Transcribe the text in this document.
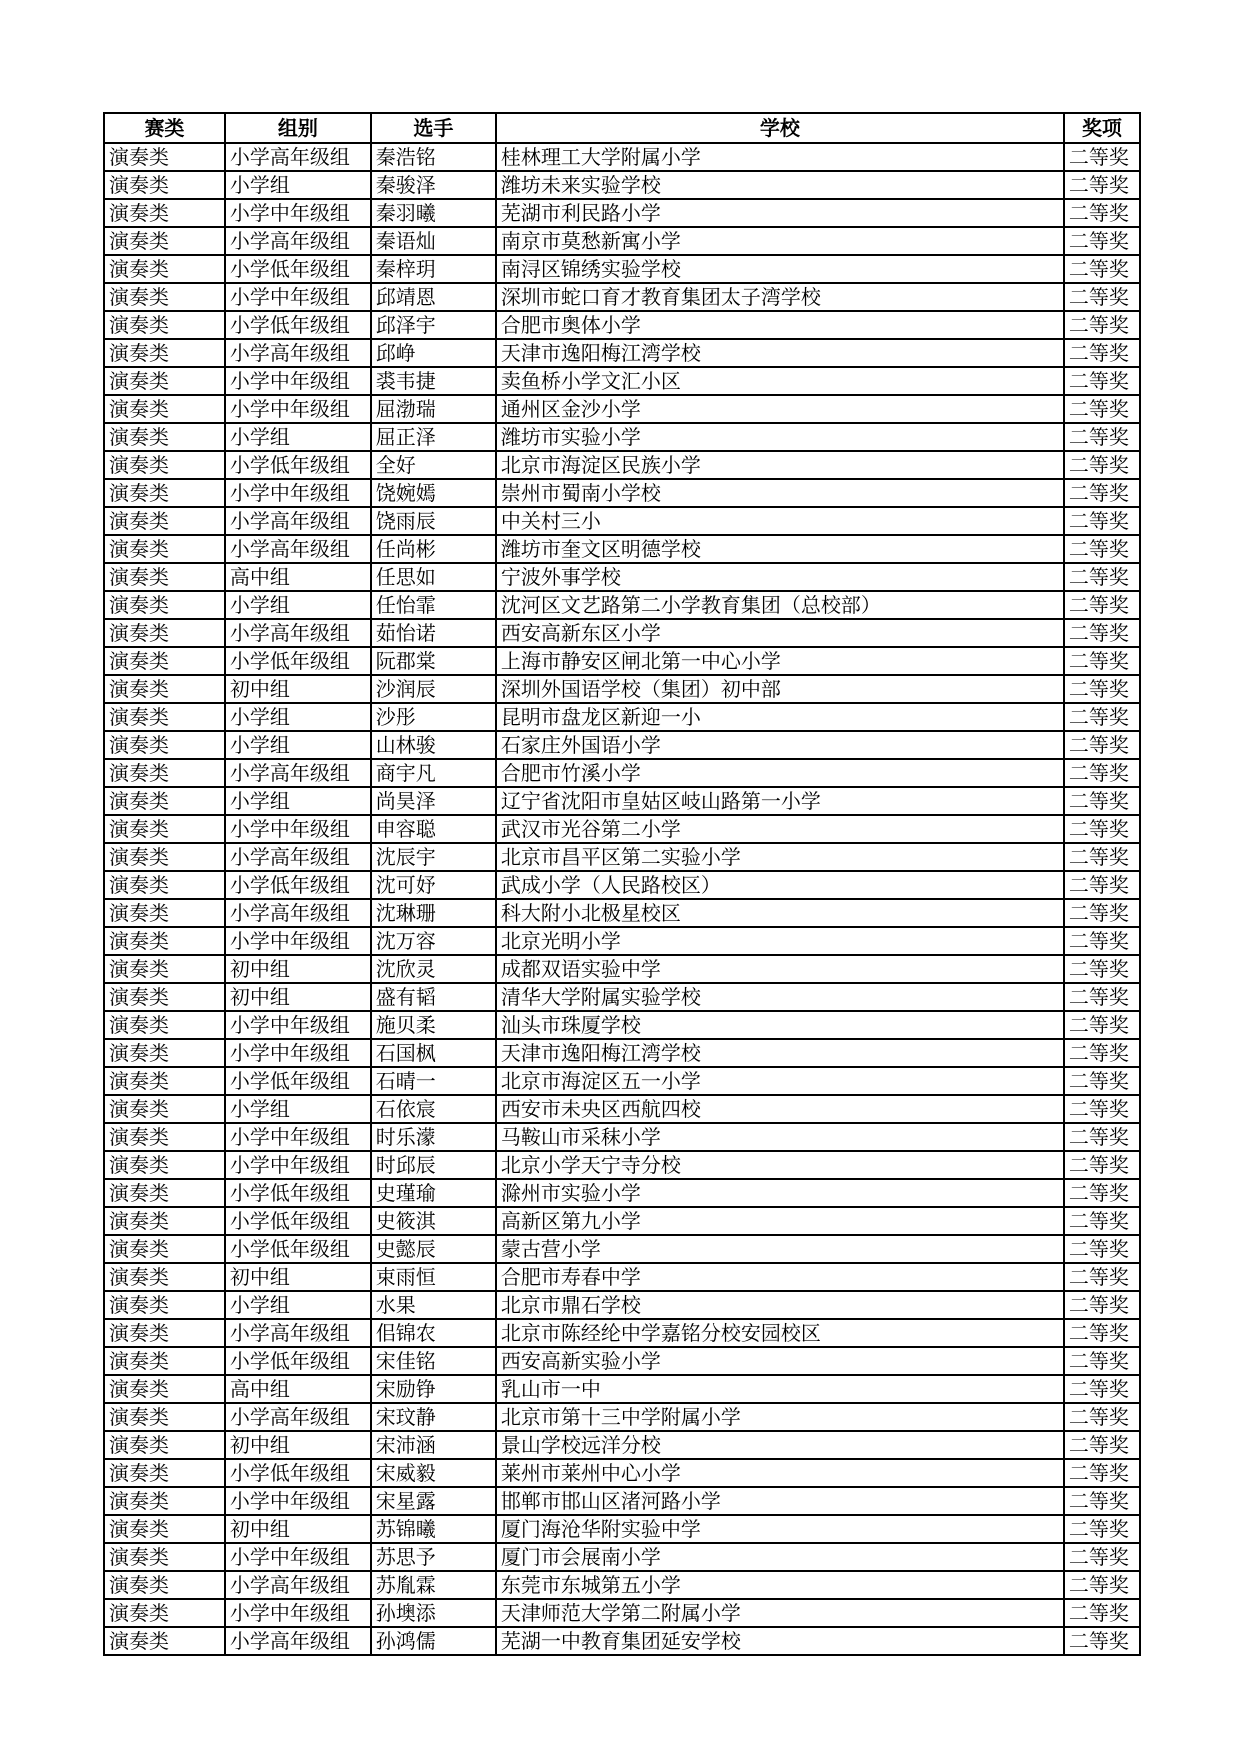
赛类	组别	选手	学校	奖项
演奏类	小学高年级组	秦浩铭	桂林理工大学附属小学	二等奖
演奏类	小学组	秦骏泽	潍坊未来实验学校	二等奖
演奏类	小学中年级组	秦羽曦	芜湖市利民路小学	二等奖
演奏类	小学高年级组	秦语灿	南京市莫愁新寓小学	二等奖
演奏类	小学低年级组	秦梓玥	南浔区锦绣实验学校	二等奖
演奏类	小学中年级组	邱靖恩	深圳市蛇口育才教育集团太子湾学校	二等奖
演奏类	小学低年级组	邱泽宇	合肥市奥体小学	二等奖
演奏类	小学高年级组	邱峥	天津市逸阳梅江湾学校	二等奖
演奏类	小学中年级组	裘韦捷	卖鱼桥小学文汇小区	二等奖
演奏类	小学中年级组	屈渤瑞	通州区金沙小学	二等奖
演奏类	小学组	屈正泽	潍坊市实验小学	二等奖
演奏类	小学低年级组	全好	北京市海淀区民族小学	二等奖
演奏类	小学中年级组	饶婉嫣	崇州市蜀南小学校	二等奖
演奏类	小学高年级组	饶雨辰	中关村三小	二等奖
演奏类	小学高年级组	任尚彬	潍坊市奎文区明德学校	二等奖
演奏类	高中组	任思如	宁波外事学校	二等奖
演奏类	小学组	任怡霏	沈河区文艺路第二小学教育集团（总校部）	二等奖
演奏类	小学高年级组	茹怡诺	西安高新东区小学	二等奖
演奏类	小学低年级组	阮郡棠	上海市静安区闸北第一中心小学	二等奖
演奏类	初中组	沙润辰	深圳外国语学校（集团）初中部	二等奖
演奏类	小学组	沙彤	昆明市盘龙区新迎一小	二等奖
演奏类	小学组	山林骏	石家庄外国语小学	二等奖
演奏类	小学高年级组	商宇凡	合肥市竹溪小学	二等奖
演奏类	小学组	尚昊泽	辽宁省沈阳市皇姑区岐山路第一小学	二等奖
演奏类	小学中年级组	申容聪	武汉市光谷第二小学	二等奖
演奏类	小学高年级组	沈辰宇	北京市昌平区第二实验小学	二等奖
演奏类	小学低年级组	沈可妤	武成小学（人民路校区）	二等奖
演奏类	小学高年级组	沈琳珊	科大附小北极星校区	二等奖
演奏类	小学中年级组	沈万容	北京光明小学	二等奖
演奏类	初中组	沈欣灵	成都双语实验中学	二等奖
演奏类	初中组	盛有韬	清华大学附属实验学校	二等奖
演奏类	小学中年级组	施贝柔	汕头市珠厦学校	二等奖
演奏类	小学中年级组	石国枫	天津市逸阳梅江湾学校	二等奖
演奏类	小学低年级组	石晴一	北京市海淀区五一小学	二等奖
演奏类	小学组	石依宸	西安市未央区西航四校	二等奖
演奏类	小学中年级组	时乐濛	马鞍山市采秣小学	二等奖
演奏类	小学中年级组	时邱辰	北京小学天宁寺分校	二等奖
演奏类	小学低年级组	史瑾瑜	滁州市实验小学	二等奖
演奏类	小学低年级组	史筱淇	高新区第九小学	二等奖
演奏类	小学低年级组	史懿辰	蒙古营小学	二等奖
演奏类	初中组	束雨恒	合肥市寿春中学	二等奖
演奏类	小学组	水果	北京市鼎石学校	二等奖
演奏类	小学高年级组	佀锦农	北京市陈经纶中学嘉铭分校安园校区	二等奖
演奏类	小学低年级组	宋佳铭	西安高新实验小学	二等奖
演奏类	高中组	宋励铮	乳山市一中	二等奖
演奏类	小学高年级组	宋玟静	北京市第十三中学附属小学	二等奖
演奏类	初中组	宋沛涵	景山学校远洋分校	二等奖
演奏类	小学低年级组	宋威毅	莱州市莱州中心小学	二等奖
演奏类	小学中年级组	宋星露	邯郸市邯山区渚河路小学	二等奖
演奏类	初中组	苏锦曦	厦门海沧华附实验中学	二等奖
演奏类	小学中年级组	苏思予	厦门市会展南小学	二等奖
演奏类	小学高年级组	苏胤霖	东莞市东城第五小学	二等奖
演奏类	小学中年级组	孙墺添	天津师范大学第二附属小学	二等奖
演奏类	小学高年级组	孙鸿儒	芜湖一中教育集团延安学校	二等奖
